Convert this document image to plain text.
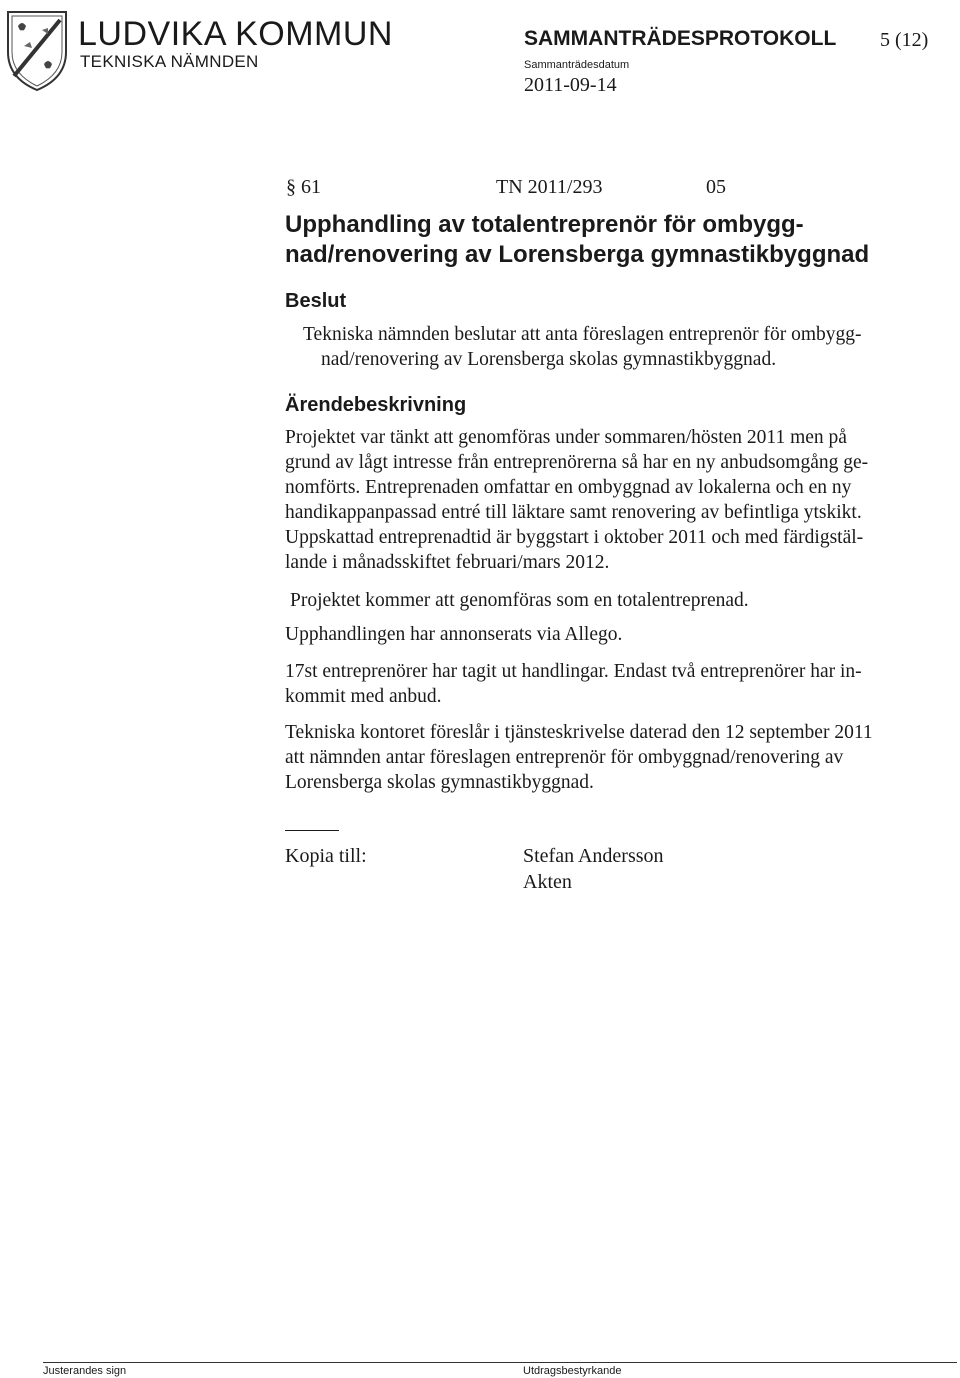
LUDVIKA KOMMUN
TEKNISKA NÄMNDEN
SAMMANTRÄDESPROTOKOLL 5 (12)
Sammanträdesdatum
2011-09-14
§ 61	TN 2011/293	05
Upphandling av totalentreprenör för ombygg-
nad/renovering av Lorensberga gymnastikbyggnad
Beslut
Tekniska nämnden beslutar att anta föreslagen entreprenör för ombygg-
nad/renovering av Lorensberga skolas gymnastikbyggnad.
Ärendebeskrivning
Projektet var tänkt att genomföras under sommaren/hösten 2011 men på
grund av lågt intresse från entreprenörerna så har en ny anbudsomgång ge-
nomförts. Entreprenaden omfattar en ombyggnad av lokalerna och en ny
handikappanpassad entré till läktare samt renovering av befintliga ytskikt.
Uppskattad entreprenadtid är byggstart i oktober 2011 och med färdigstäl-
lande i månadsskiftet februari/mars 2012.
Projektet kommer att genomföras som en totalentreprenad.
Upphandlingen har annonserats via Allego.
17st entreprenörer har tagit ut handlingar. Endast två entreprenörer har in-
kommit med anbud.
Tekniska kontoret föreslår i tjänsteskrivelse daterad den 12 september 2011
att nämnden antar föreslagen entreprenör för ombyggnad/renovering av
Lorensberga skolas gymnastikbyggnad.
Kopia till:	Stefan Andersson
Akten
Justerandes sign	Utdragsbestyrkande
